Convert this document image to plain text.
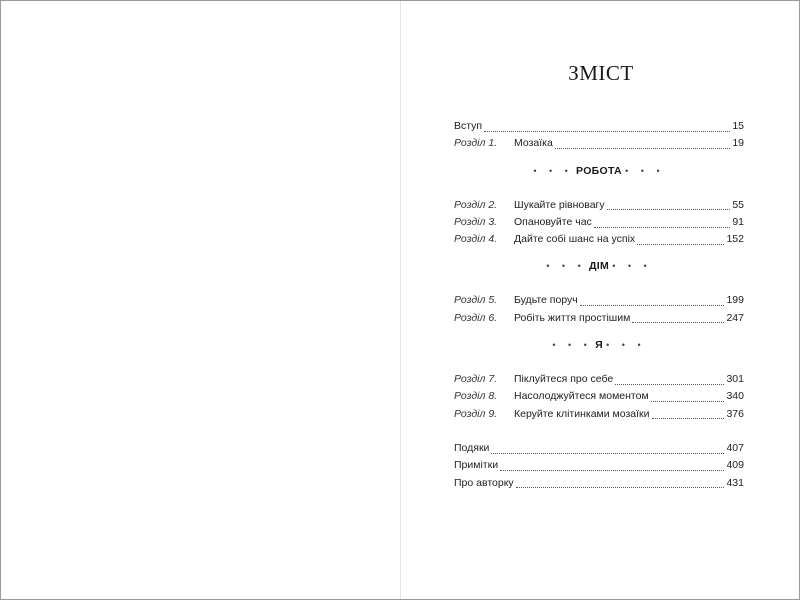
ЗМІСТ
Вступ	15
Розділ 1.	Мозаїка	19
• • • РОБОТА • • •
Розділ 2.	Шукайте рівновагу	55
Розділ 3.	Опановуйте час	91
Розділ 4.	Дайте собі шанс на успіх	152
• • • ДІМ • • •
Розділ 5.	Будьте поруч	199
Розділ 6.	Робіть життя простішим	247
• • • Я • • •
Розділ 7.	Піклуйтеся про себе	301
Розділ 8.	Насолоджуйтеся моментом	340
Розділ 9.	Керуйте клітинками мозаїки	376
Подяки	407
Примітки	409
Про авторку	431
